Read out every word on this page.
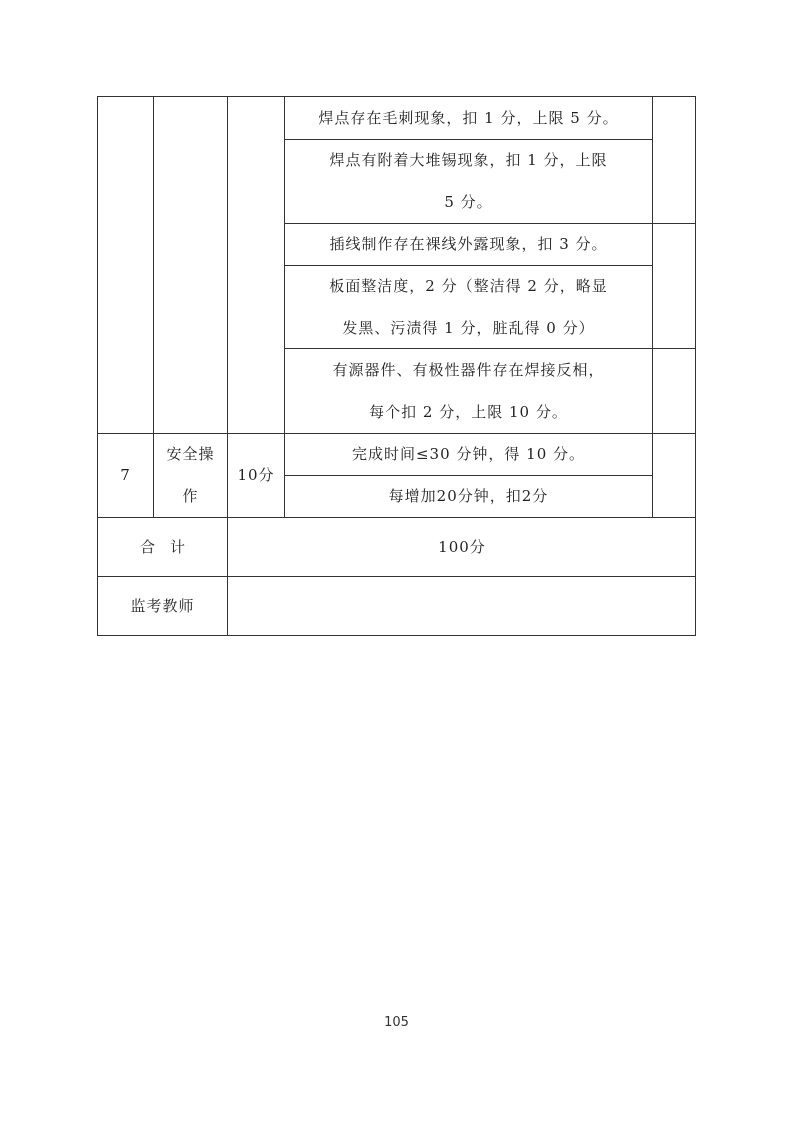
焊点存在毛刺现象，扣 1 分，上限 5 分。
焊点有附着大堆锡现象，扣 1 分，上限
5 分。
插线制作存在裸线外露现象，扣 3 分。
板面整洁度，2 分（整洁得 2 分，略显
发黑、污渍得 1 分，脏乱得 0 分）
有源器件、有极性器件存在焊接反相，
每个扣 2 分，上限 10 分。
7
安全操
作
10分
完成时间≤30 分钟，得 10 分。
每增加20分钟，扣2分
合　计	100分
监考教师
105
